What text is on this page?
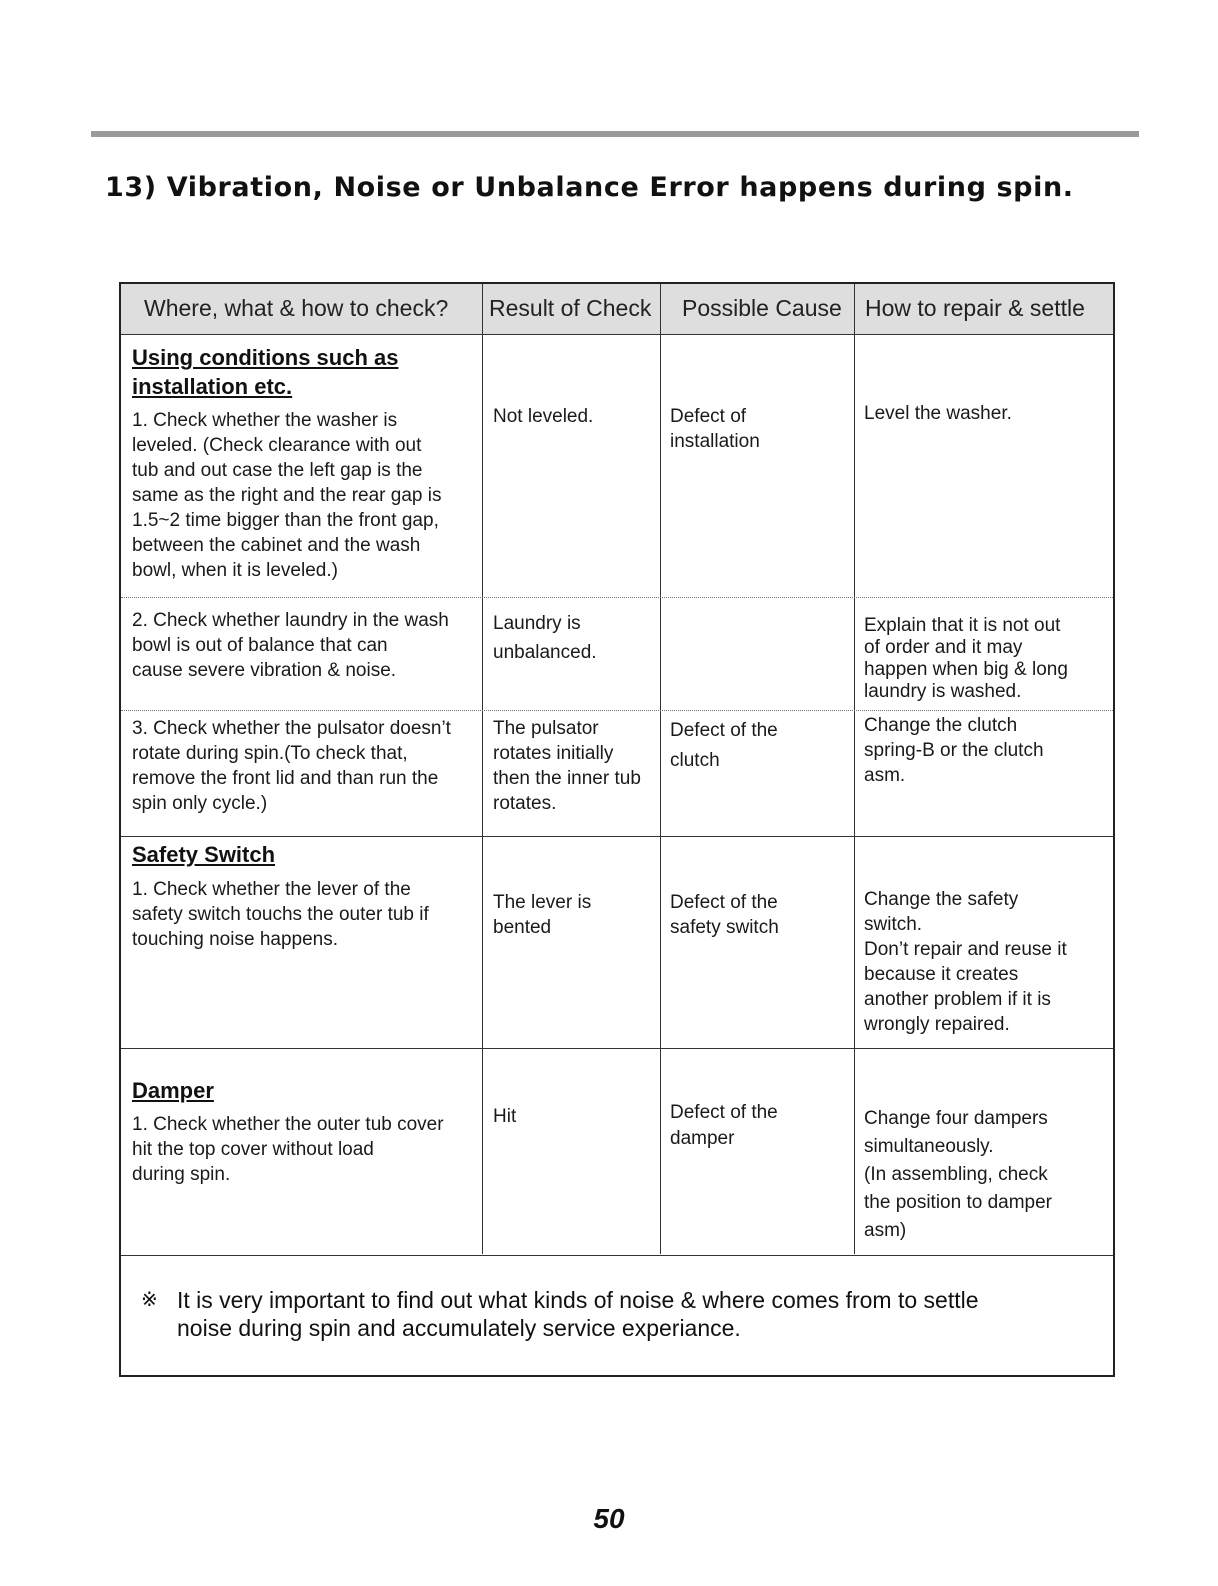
13) Vibration, Noise or Unbalance Error happens during spin.
Where, what & how to check? Result of Check Possible Cause How to repair & settle
Using conditions such as
installation etc.
1. Check whether the washer is
leveled. (Check clearance with out
tub and out case the left gap is the
same as the right and the rear gap is
1.5~2 time bigger than the front gap,
between the cabinet and the wash
bowl, when it is leveled.)
Not leveled.	Defect of
installation
Level the washer.
2. Check whether laundry in the wash
bowl is out of balance that can
cause severe vibration & noise.
Laundry is
unbalanced.
Explain that it is not out
of order and it may
happen when big & long
laundry is washed.
3. Check whether the pulsator doesn’t
rotate during spin.(To check that,
remove the front lid and than run the
spin only cycle.)
The pulsator
rotates initially
then the inner tub
rotates.
Defect of the
clutch
Change the clutch
spring-B or the clutch
asm.
Safety Switch
1. Check whether the lever of the
safety switch touchs the outer tub if
touching noise happens.
The lever is
bented
Defect of the
safety switch
Change the safety
switch.
Don’t repair and reuse it
because it creates
another problem if it is
wrongly repaired.
Damper
1. Check whether the outer tub cover
hit the top cover without load
during spin.
Hit	Defect of the
damper
Change four dampers
simultaneously.
(In assembling, check
the position to damper
asm)
※ It is very important to find out what kinds of noise & where comes from to settle
noise during spin and accumulately service experiance.
50
